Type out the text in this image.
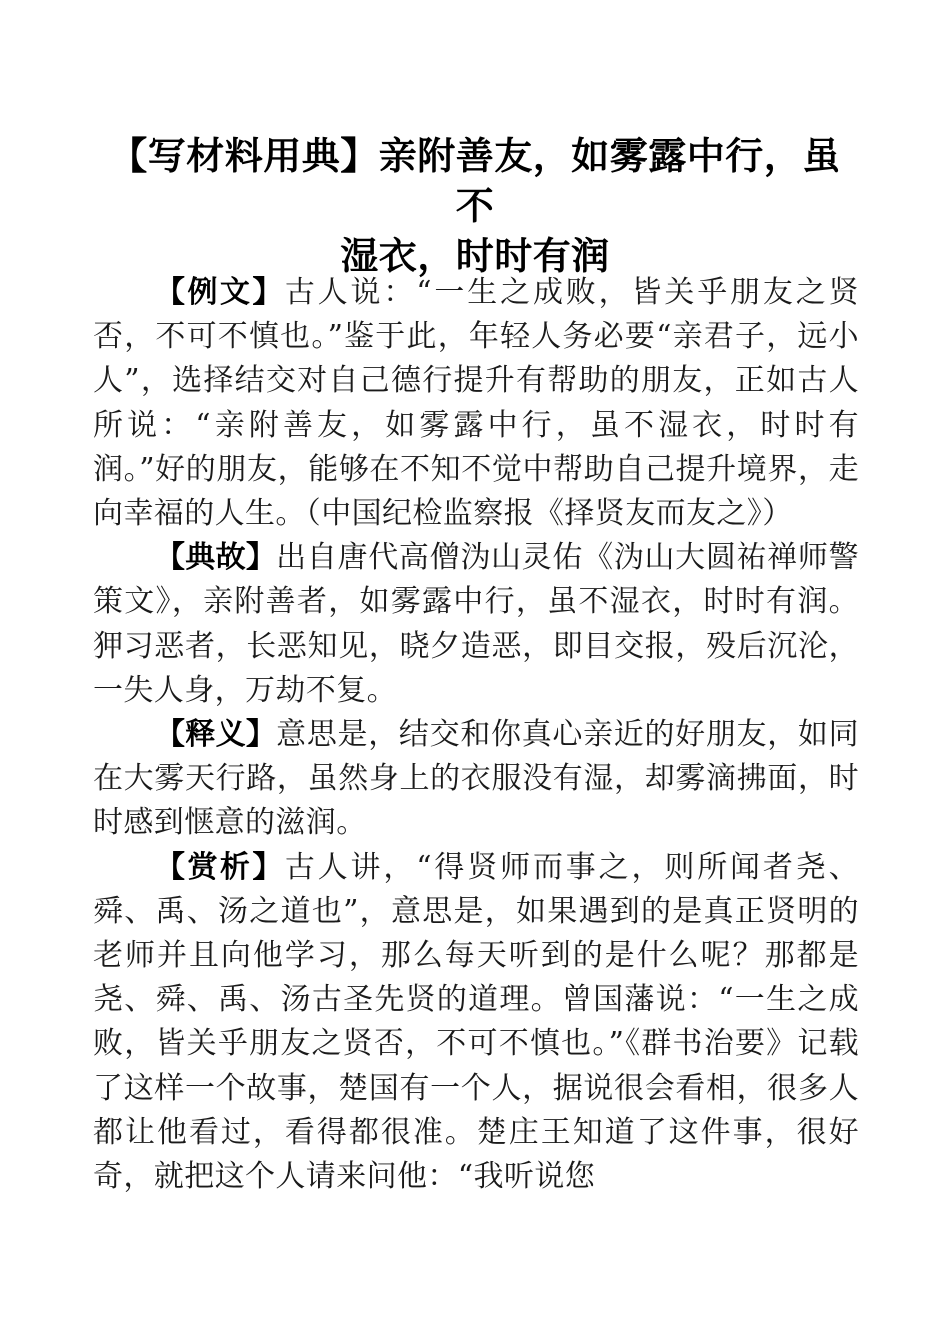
【写材料用典】亲附善友，如雾露中行，虽不
湿衣，时时有润

【例文】古人说：“一生之成败，皆关乎朋友之贤否，不可不慎也。”鉴于此，年轻人务必要“亲君子，远小人”，选择结交对自己德行提升有帮助的朋友，正如古人所说：“亲附善友，如雾露中行，虽不湿衣，时时有润。”好的朋友，能够在不知不觉中帮助自己提升境界，走向幸福的人生。（中国纪检监察报《择贤友而友之》）

【典故】出自唐代高僧沩山灵佑《沩山大圆祐禅师警策文》，亲附善者，如雾露中行，虽不湿衣，时时有润。狎习恶者，长恶知见，晓夕造恶，即目交报，殁后沉沦，一失人身，万劫不复。

【释义】意思是，结交和你真心亲近的好朋友，如同在大雾天行路，虽然身上的衣服没有湿，却雾滴拂面，时时感到惬意的滋润。

【赏析】古人讲，“得贤师而事之，则所闻者尧、舜、禹、汤之道也”，意思是，如果遇到的是真正贤明的老师并且向他学习，那么每天听到的是什么呢？那都是尧、舜、禹、汤古圣先贤的道理。曾国藩说：“一生之成败，皆关乎朋友之贤否，不可不慎也。”《群书治要》记载了这样一个故事，楚国有一个人，据说很会看相，很多人都让他看过，看得都很准。楚庄王知道了这件事，很好奇，就把这个人请来问他：“我听说您
